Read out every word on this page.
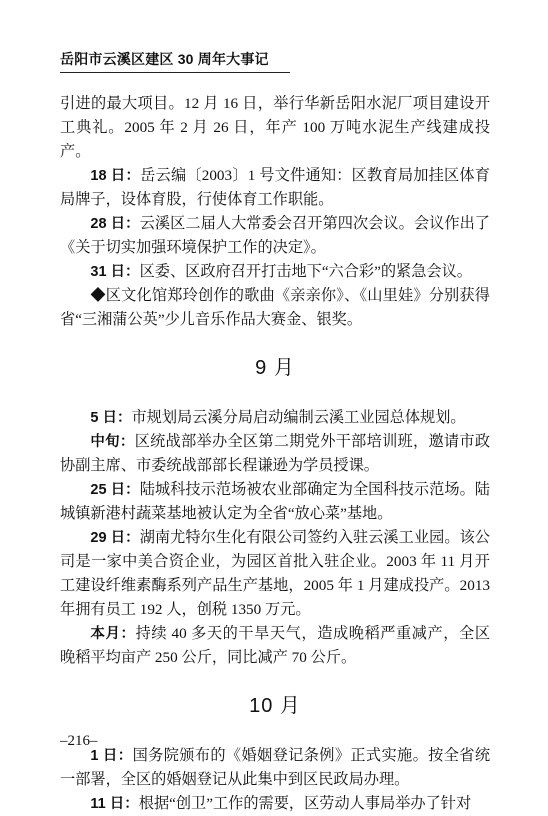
岳阳市云溪区建区 30 周年大事记

引进的最大项目。12 月 16 日，举行华新岳阳水泥厂项目建设开工典礼。2005 年 2 月 26 日，年产 100 万吨水泥生产线建成投产。

18 日：岳云编〔2003〕1 号文件通知：区教育局加挂区体育局牌子，设体育股，行使体育工作职能。

28 日：云溪区二届人大常委会召开第四次会议。会议作出了《关于切实加强环境保护工作的决定》。

31 日：区委、区政府召开打击地下“六合彩”的紧急会议。

◆区文化馆郑玲创作的歌曲《亲亲你》、《山里娃》分别获得省“三湘蒲公英”少儿音乐作品大赛金、银奖。

9 月

5 日：市规划局云溪分局启动编制云溪工业园总体规划。

中旬：区统战部举办全区第二期党外干部培训班，邀请市政协副主席、市委统战部部长程谦逊为学员授课。

25 日：陆城科技示范场被农业部确定为全国科技示范场。陆城镇新港村蔬菜基地被认定为全省“放心菜”基地。

29 日：湖南尤特尔生化有限公司签约入驻云溪工业园。该公司是一家中美合资企业，为园区首批入驻企业。2003 年 11 月开工建设纤维素酶系列产品生产基地，2005 年 1 月建成投产。2013 年拥有员工 192 人，创税 1350 万元。

本月：持续 40 多天的干旱天气，造成晚稻严重减产，全区晚稻平均亩产 250 公斤，同比减产 70 公斤。

10 月

1 日：国务院颁布的《婚姻登记条例》正式实施。按全省统一部署，全区的婚姻登记从此集中到区民政局办理。

11 日：根据“创卫”工作的需要，区劳动人事局举办了针对

–216–
